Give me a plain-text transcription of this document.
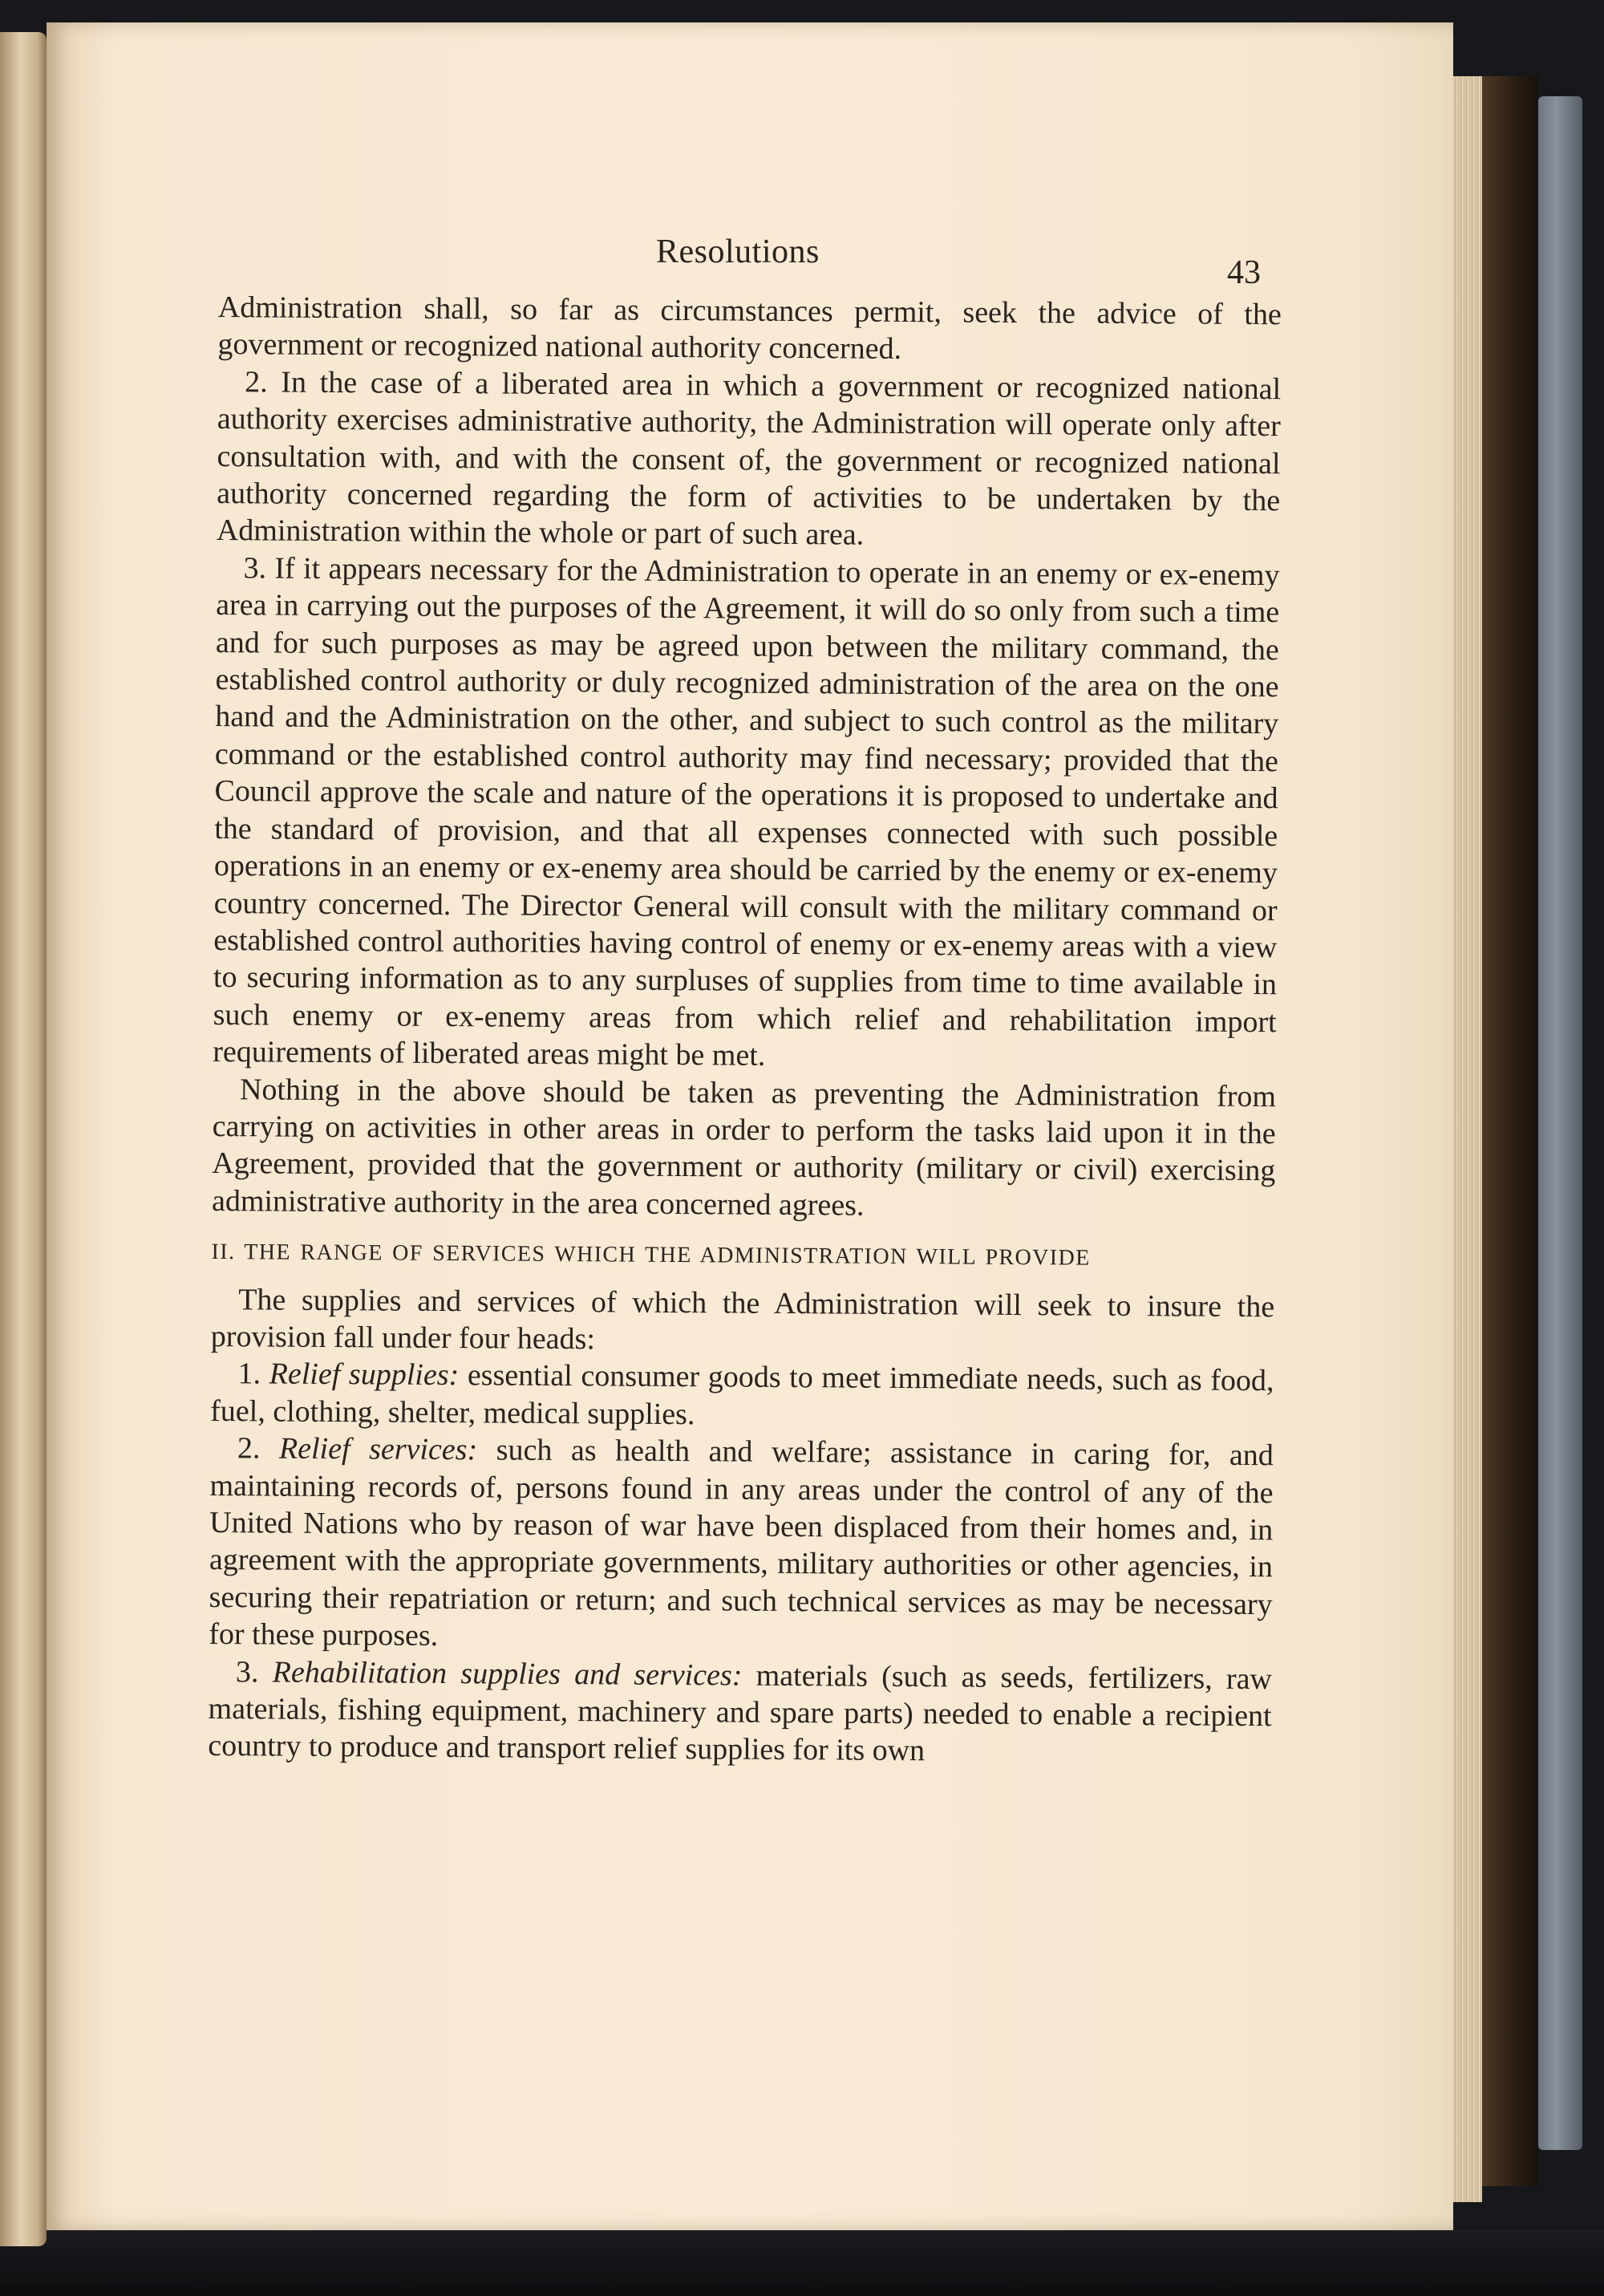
Resolutions
43

Administration shall, so far as circumstances permit, seek the advice of the government or recognized national authority concerned.

2. In the case of a liberated area in which a government or recognized national authority exercises administrative authority, the Administration will operate only after consultation with, and with the consent of, the government or recognized national authority concerned regarding the form of activities to be undertaken by the Administration within the whole or part of such area.

3. If it appears necessary for the Administration to operate in an enemy or ex-enemy area in carrying out the purposes of the Agreement, it will do so only from such a time and for such purposes as may be agreed upon between the military command, the established control authority or duly recognized administration of the area on the one hand and the Administration on the other, and subject to such control as the military command or the established control authority may find necessary; provided that the Council approve the scale and nature of the operations it is proposed to undertake and the standard of provision, and that all expenses connected with such possible operations in an enemy or ex-enemy area should be carried by the enemy or ex-enemy country concerned. The Director General will consult with the military command or established control authorities having control of enemy or ex-enemy areas with a view to securing information as to any surpluses of supplies from time to time available in such enemy or ex-enemy areas from which relief and rehabilitation import requirements of liberated areas might be met.

Nothing in the above should be taken as preventing the Administration from carrying on activities in other areas in order to perform the tasks laid upon it in the Agreement, provided that the government or authority (military or civil) exercising administrative authority in the area concerned agrees.

II. THE RANGE OF SERVICES WHICH THE ADMINISTRATION WILL PROVIDE

The supplies and services of which the Administration will seek to insure the provision fall under four heads:

1. Relief supplies: essential consumer goods to meet immediate needs, such as food, fuel, clothing, shelter, medical supplies.

2. Relief services: such as health and welfare; assistance in caring for, and maintaining records of, persons found in any areas under the control of any of the United Nations who by reason of war have been displaced from their homes and, in agreement with the appropriate governments, military authorities or other agencies, in securing their repatriation or return; and such technical services as may be necessary for these purposes.

3. Rehabilitation supplies and services: materials (such as seeds, fertilizers, raw materials, fishing equipment, machinery and spare parts) needed to enable a recipient country to produce and transport relief supplies for its own
